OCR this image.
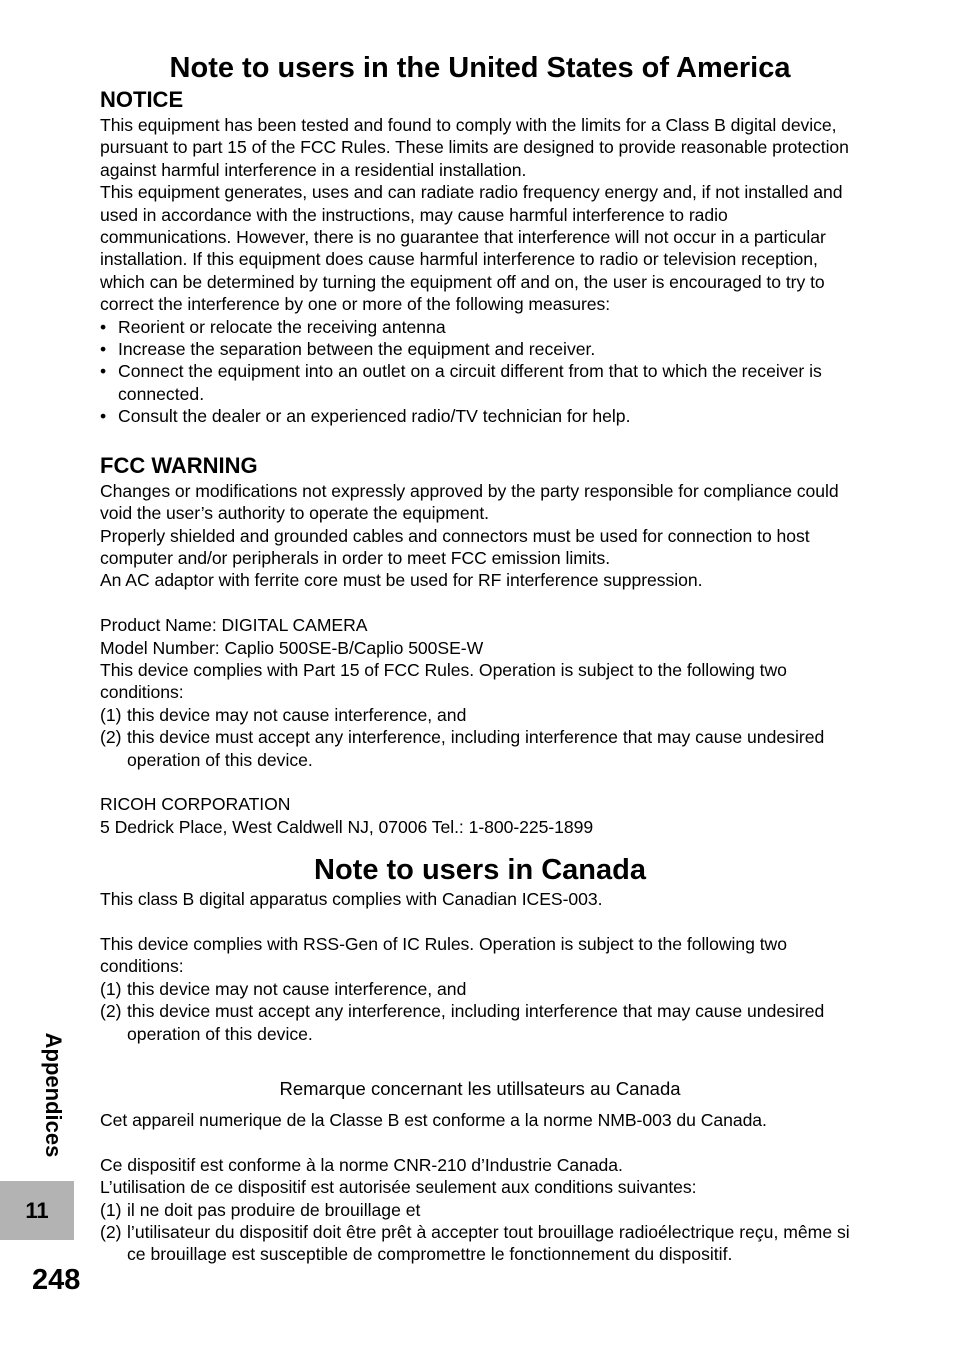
Note to users in the United States of America
NOTICE

This equipment has been tested and found to comply with the limits for a Class B digital device, pursuant to part 15 of the FCC Rules. These limits are designed to provide reasonable protection against harmful interference in a residential installation.

This equipment generates, uses and can radiate radio frequency energy and, if not installed and used in accordance with the instructions, may cause harmful interference to radio communications. However, there is no guarantee that interference will not occur in a particular installation. If this equipment does cause harmful interference to radio or television reception, which can be determined by turning the equipment off and on, the user is encouraged to try to correct the interference by one or more of the following measures:

• Reorient or relocate the receiving antenna
• Increase the separation between the equipment and receiver.
• Connect the equipment into an outlet on a circuit different from that to which the receiver is connected.
• Consult the dealer or an experienced radio/TV technician for help.
FCC WARNING

Changes or modifications not expressly approved by the party responsible for compliance could void the user’s authority to operate the equipment.

Properly shielded and grounded cables and connectors must be used for connection to host computer and/or peripherals in order to meet FCC emission limits.

An AC adaptor with ferrite core must be used for RF interference suppression.

Product Name: DIGITAL CAMERA

Model Number: Caplio 500SE-B/Caplio 500SE-W

This device complies with Part 15 of FCC Rules. Operation is subject to the following two conditions:

(1) this device may not cause interference, and
(2) this device must accept any interference, including interference that may cause undesired operation of this device.

RICOH CORPORATION

5 Dedrick Place, West Caldwell NJ, 07006 Tel.: 1-800-225-1899

Note to users in Canada

This class B digital apparatus complies with Canadian ICES-003.

This device complies with RSS-Gen of IC Rules. Operation is subject to the following two conditions:

(1) this device may not cause interference, and
(2) this device must accept any interference, including interference that may cause undesired operation of this device.

Remarque concernant les utillsateurs au Canada

Cet appareil numerique de la Classe B est conforme a la norme NMB-003 du Canada.

Ce dispositif est conforme à la norme CNR-210 d’Industrie Canada.

L’utilisation de ce dispositif est autorisée seulement aux conditions suivantes:

(1) il ne doit pas produire de brouillage et
(2) l’utilisateur du dispositif doit être prêt à accepter tout brouillage radioélectrique reçu, même si ce brouillage est susceptible de compromettre le fonctionnement du dispositif.
Appendices
11
248
